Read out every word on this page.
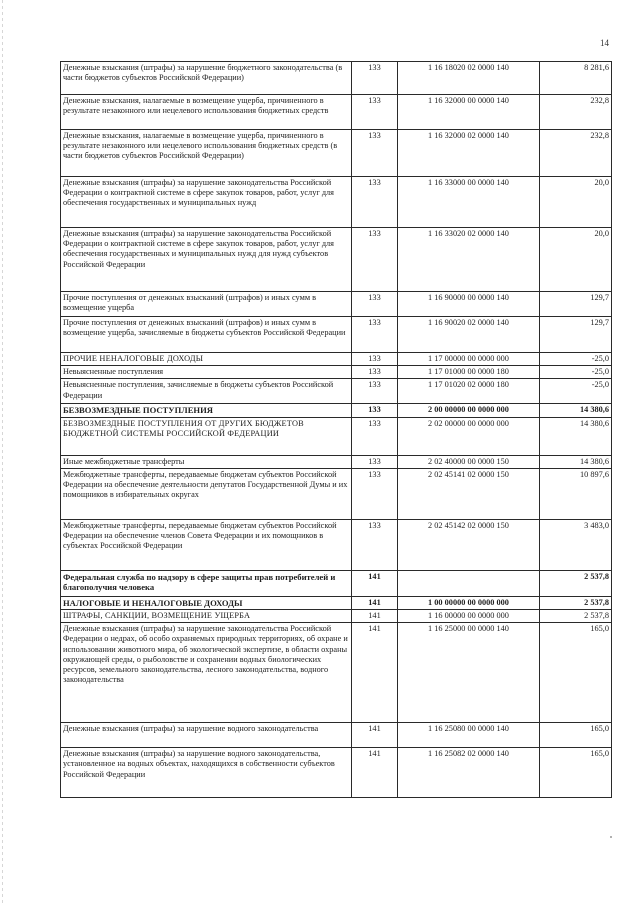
14
Денежные взыскания (штрафы) за нарушение бюджетного законодательства (в части бюджетов субъектов Российской Федерации)	133	1 16 18020 02 0000 140	8 281,6
Денежные взыскания, налагаемые в возмещение ущерба, причиненного в результате незаконного или нецелевого использования бюджетных средств	133	1 16 32000 00 0000 140	232,8
Денежные взыскания, налагаемые в возмещение ущерба, причиненного в результате незаконного или нецелевого использования бюджетных средств (в части бюджетов субъектов Российской Федерации)	133	1 16 32000 02 0000 140	232,8
Денежные взыскания (штрафы) за нарушение законодательства Российской Федерации о контрактной системе в сфере закупок товаров, работ, услуг для обеспечения государственных и муниципальных нужд	133	1 16 33000 00 0000 140	20,0
Денежные взыскания (штрафы) за нарушение законодательства Российской Федерации о контрактной системе в сфере закупок товаров, работ, услуг для обеспечения государственных и муниципальных нужд для нужд субъектов Российской Федерации	133	1 16 33020 02 0000 140	20,0
Прочие поступления от денежных взысканий (штрафов) и иных сумм в возмещение ущерба	133	1 16 90000 00 0000 140	129,7
Прочие поступления от денежных взысканий (штрафов) и иных сумм в возмещение ущерба, зачисляемые в бюджеты субъектов Российской Федерации	133	1 16 90020 02 0000 140	129,7
ПРОЧИЕ НЕНАЛОГОВЫЕ ДОХОДЫ	133	1 17 00000 00 0000 000	-25,0
Невыясненные поступления	133	1 17 01000 00 0000 180	-25,0
Невыясненные поступления, зачисляемые в бюджеты субъектов Российской Федерации	133	1 17 01020 02 0000 180	-25,0
БЕЗВОЗМЕЗДНЫЕ ПОСТУПЛЕНИЯ	133	2 00 00000 00 0000 000	14 380,6
БЕЗВОЗМЕЗДНЫЕ ПОСТУПЛЕНИЯ ОТ ДРУГИХ БЮДЖЕТОВ БЮДЖЕТНОЙ СИСТЕМЫ РОССИЙСКОЙ ФЕДЕРАЦИИ	133	2 02 00000 00 0000 000	14 380,6
Иные межбюджетные трансферты	133	2 02 40000 00 0000 150	14 380,6
Межбюджетные трансферты, передаваемые бюджетам субъектов Российской Федерации на обеспечение деятельности депутатов Государственной Думы и их помощников в избирательных округах	133	2 02 45141 02 0000 150	10 897,6
Межбюджетные трансферты, передаваемые бюджетам субъектов Российской Федерации на обеспечение членов Совета Федерации и их помощников в субъектах Российской Федерации	133	2 02 45142 02 0000 150	3 483,0
Федеральная служба по надзору в сфере защиты прав потребителей и благополучия человека	141		2 537,8
НАЛОГОВЫЕ И НЕНАЛОГОВЫЕ ДОХОДЫ	141	1 00 00000 00 0000 000	2 537,8
ШТРАФЫ, САНКЦИИ, ВОЗМЕЩЕНИЕ УЩЕРБА	141	1 16 00000 00 0000 000	2 537,8
Денежные взыскания (штрафы) за нарушение законодательства Российской Федерации о недрах, об особо охраняемых природных территориях, об охране и использовании животного мира, об экологической экспертизе, в области охраны окружающей среды, о рыболовстве и сохранении водных биологических ресурсов, земельного законодательства, лесного законодательства, водного законодательства	141	1 16 25000 00 0000 140	165,0
Денежные взыскания (штрафы) за нарушение водного законодательства	141	1 16 25080 00 0000 140	165,0
Денежные взыскания (штрафы) за нарушение водного законодательства, установленное на водных объектах, находящихся в собственности субъектов Российской Федерации	141	1 16 25082 02 0000 140	165,0
